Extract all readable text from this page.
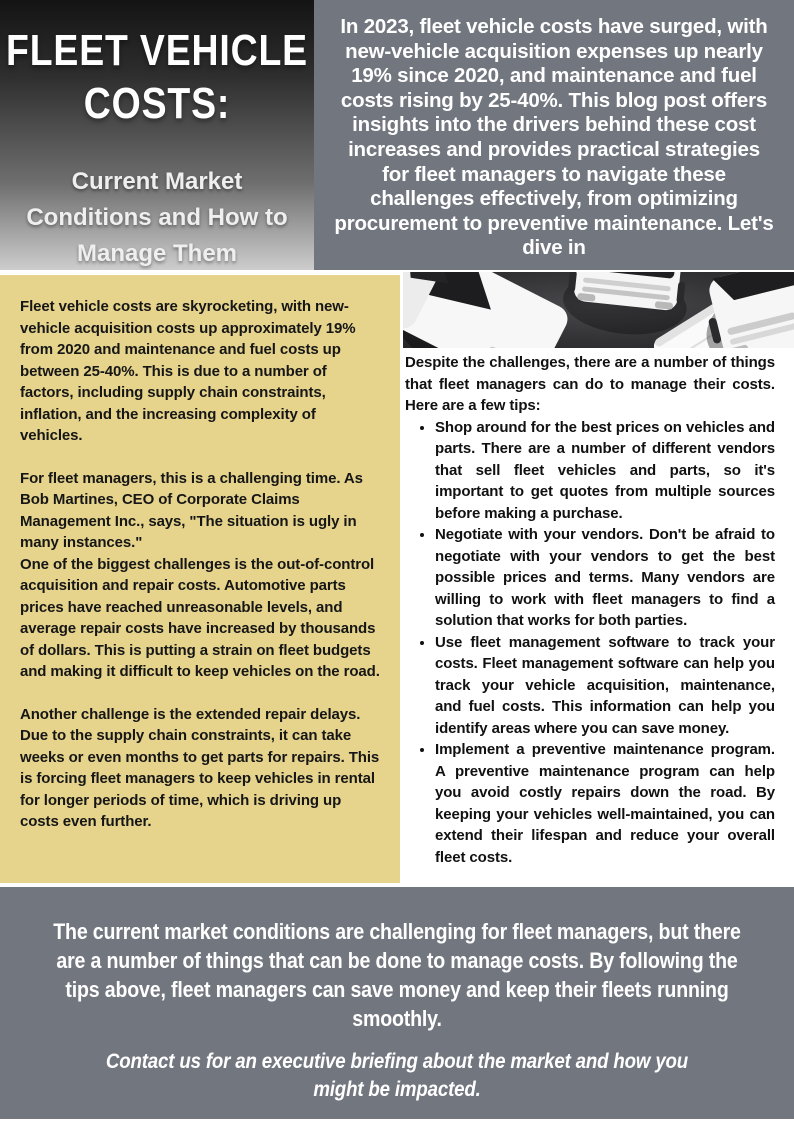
FLEET VEHICLE
COSTS:
Current Market Conditions and How to Manage Them

In 2023, fleet vehicle costs have surged, with new-vehicle acquisition expenses up nearly 19% since 2020, and maintenance and fuel costs rising by 25-40%. This blog post offers insights into the drivers behind these cost increases and provides practical strategies for fleet managers to navigate these challenges effectively, from optimizing procurement to preventive maintenance. Let's dive in

Fleet vehicle costs are skyrocketing, with new-vehicle acquisition costs up approximately 19% from 2020 and maintenance and fuel costs up between 25-40%. This is due to a number of factors, including supply chain constraints, inflation, and the increasing complexity of vehicles.

For fleet managers, this is a challenging time. As Bob Martines, CEO of Corporate Claims Management Inc., says, "The situation is ugly in many instances."

One of the biggest challenges is the out-of-control acquisition and repair costs. Automotive parts prices have reached unreasonable levels, and average repair costs have increased by thousands of dollars. This is putting a strain on fleet budgets and making it difficult to keep vehicles on the road.

Another challenge is the extended repair delays. Due to the supply chain constraints, it can take weeks or even months to get parts for repairs. This is forcing fleet managers to keep vehicles in rental for longer periods of time, which is driving up costs even further.

Despite the challenges, there are a number of things that fleet managers can do to manage their costs. Here are a few tips:

• Shop around for the best prices on vehicles and parts. There are a number of different vendors that sell fleet vehicles and parts, so it's important to get quotes from multiple sources before making a purchase.
• Negotiate with your vendors. Don't be afraid to negotiate with your vendors to get the best possible prices and terms. Many vendors are willing to work with fleet managers to find a solution that works for both parties.
• Use fleet management software to track your costs. Fleet management software can help you track your vehicle acquisition, maintenance, and fuel costs. This information can help you identify areas where you can save money.
• Implement a preventive maintenance program. A preventive maintenance program can help you avoid costly repairs down the road. By keeping your vehicles well-maintained, you can extend their lifespan and reduce your overall fleet costs.

The current market conditions are challenging for fleet managers, but there are a number of things that can be done to manage costs. By following the tips above, fleet managers can save money and keep their fleets running smoothly.

Contact us for an executive briefing about the market and how you might be impacted.
